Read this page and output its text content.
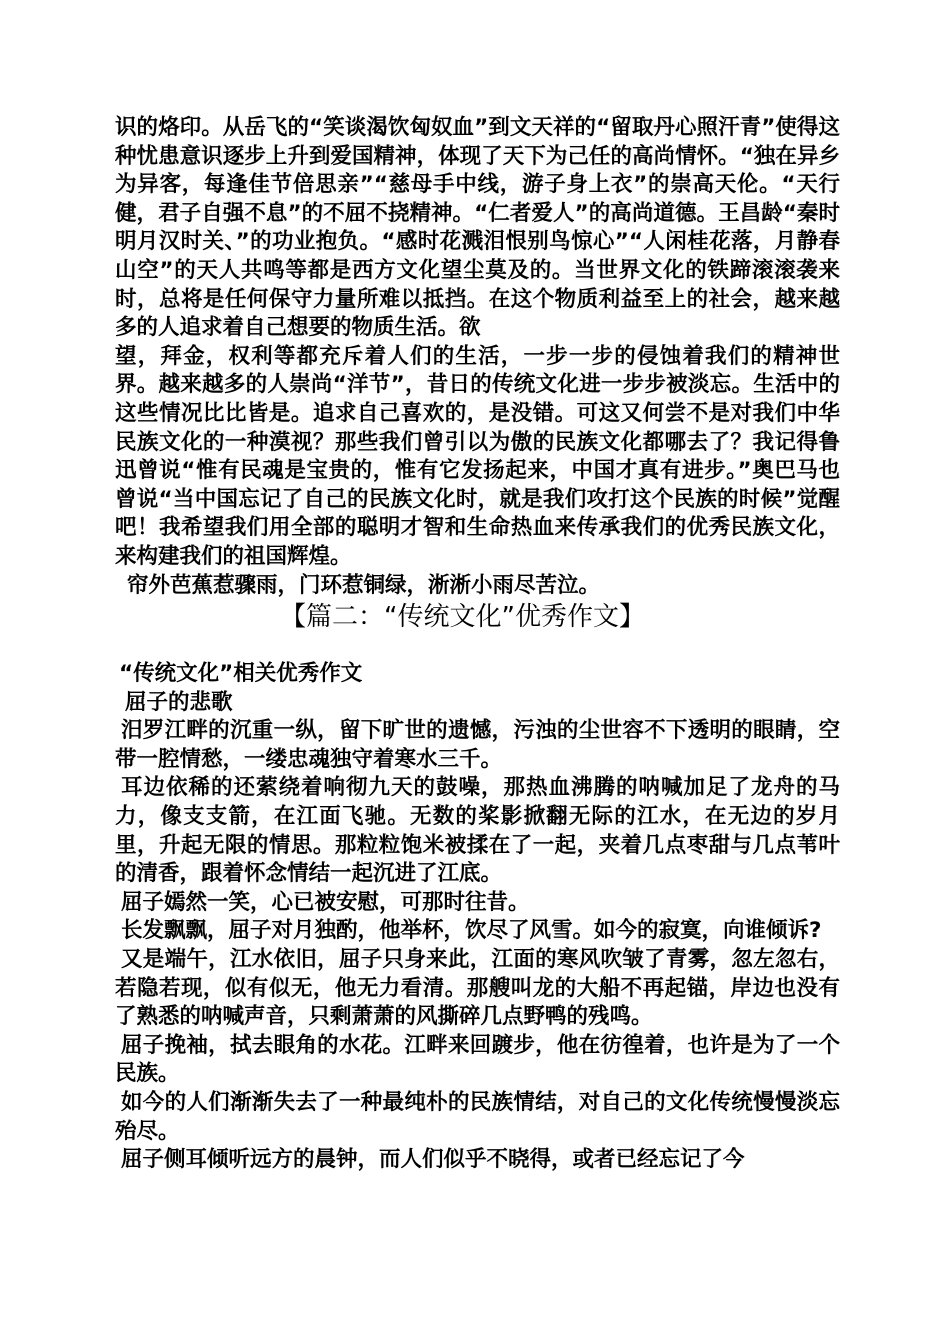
识的烙印。从岳飞的“笑谈渴饮匈奴血”到文天祥的“留取丹心照汗青”使得这种忧患意识逐步上升到爱国精神，体现了天下为己任的高尚情怀。“独在异乡为异客，每逢佳节倍思亲”“慈母手中线，游子身上衣”的崇高天伦。“天行健，君子自强不息”的不屈不挠精神。“仁者爱人”的高尚道德。王昌龄“秦时明月汉时关、”的功业抱负。“感时花溅泪恨别鸟惊心”“人闲桂花落，月静春山空”的天人共鸣等都是西方文化望尘莫及的。当世界文化的铁蹄滚滚袭来时，总将是任何保守力量所难以抵挡。在这个物质利益至上的社会，越来越多的人追求着自己想要的物质生活。欲

望，拜金，权利等都充斥着人们的生活，一步一步的侵蚀着我们的精神世界。越来越多的人崇尚“洋节”，昔日的传统文化进一步步被淡忘。生活中的这些情况比比皆是。追求自己喜欢的，是没错。可这又何尝不是对我们中华民族文化的一种漠视？那些我们曾引以为傲的民族文化都哪去了？我记得鲁迅曾说“惟有民魂是宝贵的，惟有它发扬起来，中国才真有进步。”奥巴马也曾说“当中国忘记了自己的民族文化时，就是我们攻打这个民族的时候”觉醒吧！我希望我们用全部的聪明才智和生命热血来传承我们的优秀民族文化，来构建我们的祖国辉煌。

帘外芭蕉惹骤雨，门环惹铜绿，淅淅小雨尽苦泣。

【篇二：“传统文化”优秀作文】

“传统文化”相关优秀作文

屈子的悲歌

汨罗江畔的沉重一纵，留下旷世的遗憾，污浊的尘世容不下透明的眼睛，空带一腔情愁，一缕忠魂独守着寒水三千。

耳边依稀的还萦绕着响彻九天的鼓噪，那热血沸腾的呐喊加足了龙舟的马力，像支支箭，在江面飞驰。无数的桨影掀翻无际的江水，在无边的岁月里，升起无限的情思。那粒粒饱米被揉在了一起，夹着几点枣甜与几点苇叶的清香，跟着怀念情结一起沉进了江底。

屈子嫣然一笑，心已被安慰，可那时往昔。

长发飘飘，屈子对月独酌，他举杯，饮尽了风雪。如今的寂寞，向谁倾诉?

又是端午，江水依旧，屈子只身来此，江面的寒风吹皱了青雾，忽左忽右，若隐若现，似有似无，他无力看清。那艘叫龙的大船不再起锚，岸边也没有了熟悉的呐喊声音，只剩萧萧的风撕碎几点野鸭的残鸣。

屈子挽袖，拭去眼角的水花。江畔来回踱步，他在彷徨着，也许是为了一个民族。

如今的人们渐渐失去了一种最纯朴的民族情结，对自己的文化传统慢慢淡忘殆尽。

屈子侧耳倾听远方的晨钟，而人们似乎不晓得，或者已经忘记了今
